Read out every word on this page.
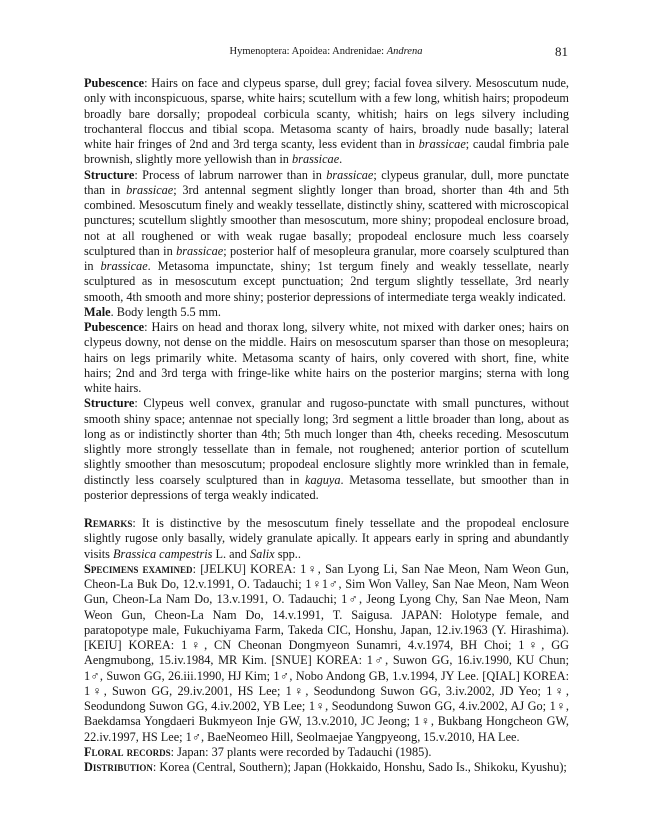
Hymenoptera: Apoidea: Andrenidae: Andrena	81

Pubescence: Hairs on face and clypeus sparse, dull grey; facial fovea silvery. Mesoscutum nude, only with inconspicuous, sparse, white hairs; scutellum with a few long, whitish hairs; propodeum broadly bare dorsally; propodeal corbicula scanty, whitish; hairs on legs silvery including trochanteral floccus and tibial scopa. Metasoma scanty of hairs, broadly nude basally; lateral white hair fringes of 2nd and 3rd terga scanty, less evident than in brassicae; caudal fimbria pale brownish, slightly more yellowish than in brassicae.

Structure: Process of labrum narrower than in brassicae; clypeus granular, dull, more punctate than in brassicae; 3rd antennal segment slightly longer than broad, shorter than 4th and 5th combined. Mesoscutum finely and weakly tessellate, distinctly shiny, scattered with microscopical punctures; scutellum slightly smoother than mesoscutum, more shiny; propodeal enclosure broad, not at all roughened or with weak rugae basally; propodeal enclosure much less coarsely sculptured than in brassicae; posterior half of mesopleura granular, more coarsely sculptured than in brassicae. Metasoma impunctate, shiny; 1st tergum finely and weakly tessellate, nearly sculptured as in mesoscutum except punctuation; 2nd tergum slightly tessellate, 3rd nearly smooth, 4th smooth and more shiny; posterior depressions of intermediate terga weakly indicated.

Male. Body length 5.5 mm.

Pubescence: Hairs on head and thorax long, silvery white, not mixed with darker ones; hairs on clypeus downy, not dense on the middle. Hairs on mesoscutum sparser than those on mesopleura; hairs on legs primarily white. Metasoma scanty of hairs, only covered with short, fine, white hairs; 2nd and 3rd terga with fringe-like white hairs on the posterior margins; sterna with long white hairs.

Structure: Clypeus well convex, granular and rugoso-punctate with small punctures, without smooth shiny space; antennae not specially long; 3rd segment a little broader than long, about as long as or indistinctly shorter than 4th; 5th much longer than 4th, cheeks receding. Mesoscutum slightly more strongly tessellate than in female, not roughened; anterior portion of scutellum slightly smoother than mesoscutum; propodeal enclosure slightly more wrinkled than in female, distinctly less coarsely sculptured than in kaguya. Metasoma tessellate, but smoother than in posterior depressions of terga weakly indicated.

Remarks: It is distinctive by the mesoscutum finely tessellate and the propodeal enclosure slightly rugose only basally, widely granulate apically. It appears early in spring and abundantly visits Brassica campestris L. and Salix spp..

Specimens examined: [JELKU] KOREA: 1♀, San Lyong Li, San Nae Meon, Nam Weon Gun, Cheon-La Buk Do, 12.v.1991, O. Tadauchi; 1♀1♂, Sim Won Valley, San Nae Meon, Nam Weon Gun, Cheon-La Nam Do, 13.v.1991, O. Tadauchi; 1♂, Jeong Lyong Chy, San Nae Meon, Nam Weon Gun, Cheon-La Nam Do, 14.v.1991, T. Saigusa. JAPAN: Holotype female, and paratopotype male, Fukuchiyama Farm, Takeda CIC, Honshu, Japan, 12.iv.1963 (Y. Hirashima). [KEIU] KOREA: 1♀, CN Cheonan Dongmyeon Sunamri, 4.v.1974, BH Choi; 1♀, GG Aengmubong, 15.iv.1984, MR Kim. [SNUE] KOREA: 1♂, Suwon GG, 16.iv.1990, KU Chun; 1♂, Suwon GG, 26.iii.1990, HJ Kim; 1♂, Nobo Andong GB, 1.v.1994, JY Lee. [QIAL] KOREA: 1♀, Suwon GG, 29.iv.2001, HS Lee; 1♀, Seodundong Suwon GG, 3.iv.2002, JD Yeo; 1♀, Seodundong Suwon GG, 4.iv.2002, YB Lee; 1♀, Seodundong Suwon GG, 4.iv.2002, AJ Go; 1♀, Baekdamsa Yongdaeri Bukmyeon Inje GW, 13.v.2010, JC Jeong; 1♀, Bukbang Hongcheon GW, 22.iv.1997, HS Lee; 1♂, BaeNeomeo Hill, Seolmaejae Yangpyeong, 15.v.2010, HA Lee.

Floral records: Japan: 37 plants were recorded by Tadauchi (1985).

Distribution: Korea (Central, Southern); Japan (Hokkaido, Honshu, Sado Is., Shikoku, Kyushu);
